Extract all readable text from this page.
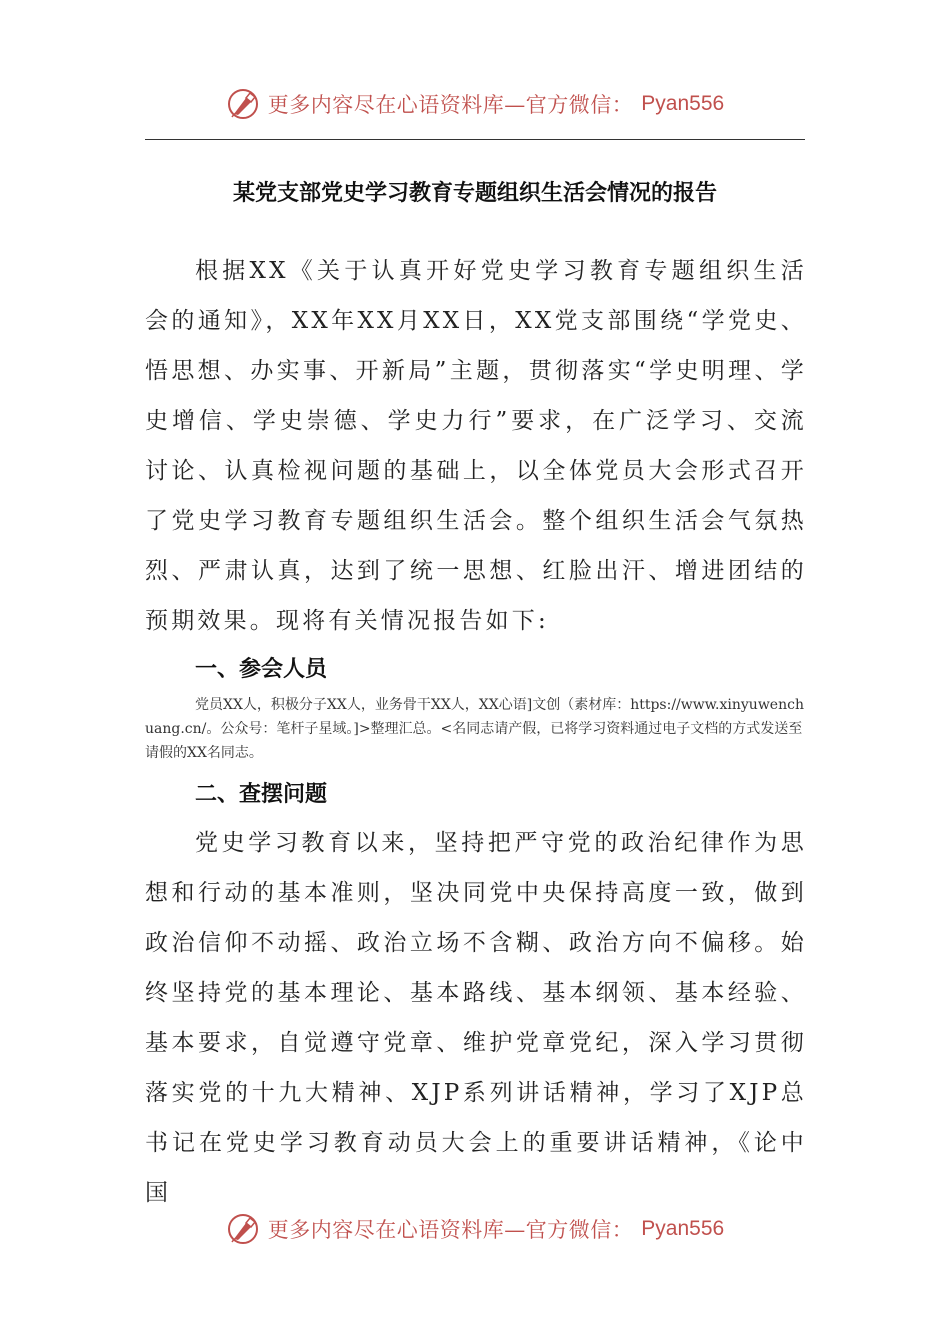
更多内容尽在心语资料库—官方微信： Pyan556
某党支部党史学习教育专题组织生活会情况的报告

根据XX《关于认真开好党史学习教育专题组织生活会的通知》，XX年XX月XX日，XX党支部围绕“学党史、悟思想、办实事、开新局”主题，贯彻落实“学史明理、学史增信、学史崇德、学史力行”要求，在广泛学习、交流讨论、认真检视问题的基础上，以全体党员大会形式召开了党史学习教育专题组织生活会。整个组织生活会气氛热烈、严肃认真，达到了统一思想、红脸出汗、增进团结的预期效果。现将有关情况报告如下:

一、参会人员

党员XX人，积极分子XX人，业务骨干XX人，XX心语]文创（素材库：https://www.xinyuwenchuang.cn/。公众号：笔杆子星域。]>整理汇总。<名同志请产假，已将学习资料通过电子文档的方式发送至请假的XX名同志。

二、查摆问题

党史学习教育以来，坚持把严守党的政治纪律作为思想和行动的基本准则，坚决同党中央保持高度一致，做到政治信仰不动摇、政治立场不含糊、政治方向不偏移。始终坚持党的基本理论、基本路线、基本纲领、基本经验、基本要求，自觉遵守党章、维护党章党纪，深入学习贯彻落实党的十九大精神、XJP系列讲话精神，学习了XJP总书记在党史学习教育动员大会上的重要讲话精神，《论中国

更多内容尽在心语资料库—官方微信： Pyan556
